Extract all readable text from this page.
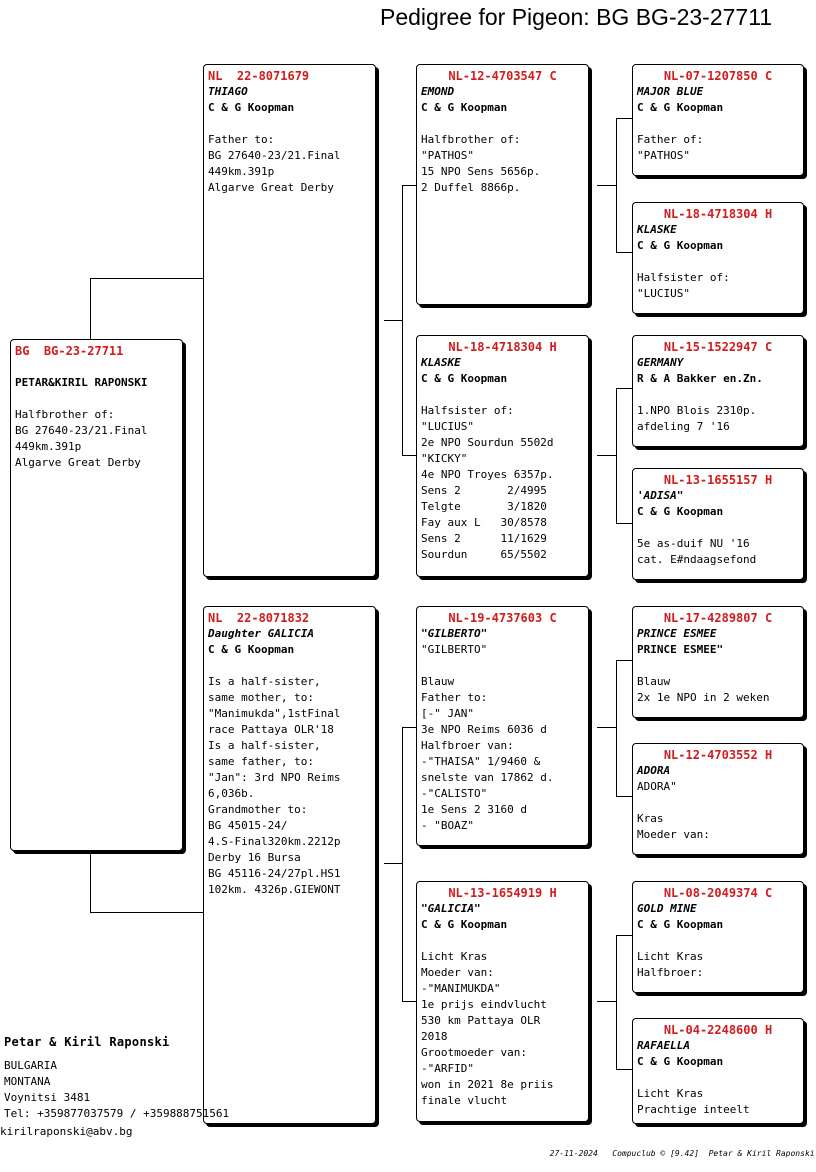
Pedigree for Pigeon: BG BG-23-27711
BG  BG-23-27711
PETAR&KIRIL RAPONSKI
Halfbrother of:
BG 27640-23/21.Final
449km.391p
Algarve Great Derby
NL  22-8071679
THIAGO
C & G Koopman
Father to:
BG 27640-23/21.Final
449km.391p
Algarve Great Derby
NL  22-8071832
Daughter GALICIA
C & G Koopman
Is a half-sister,
same mother, to:
"Manimukda",1stFinal
race Pattaya OLR'18
Is a half-sister,
same father, to:
"Jan": 3rd NPO Reims
6,036b.
Grandmother to:
BG 45015-24/
4.S-Final320km.2212p
Derby 16 Bursa
BG 45116-24/27pl.HS1
102km. 4326p.GIEWONT
NL-12-4703547 C
EMOND
C & G Koopman
Halfbrother of:
"PATHOS"
15 NPO Sens 5656p.
2 Duffel 8866p.
NL-18-4718304 H
KLASKE
C & G Koopman
Halfsister of:
"LUCIUS"
2e NPO Sourdun 5502d
"KICKY"
4e NPO Troyes 6357p.
Sens 2       2/4995
Telgte       3/1820
Fay aux L   30/8578
Sens 2      11/1629
Sourdun     65/5502
NL-19-4737603 C
"GILBERTO"
"GILBERTO"
Blauw
Father to:
[-" JAN"
3e NPO Reims 6036 d
Halfbroer van:
-"THAISA" 1/9460 &
snelste van 17862 d.
-"CALISTO"
1e Sens 2 3160 d
- "BOAZ"
NL-13-1654919 H
"GALICIA"
C & G Koopman
Licht Kras
Moeder van:
-"MANIMUKDA"
1e prijs eindvlucht
530 km Pattaya OLR
2018
Grootmoeder van:
-"ARFID"
won in 2021 8e priis
finale vlucht
NL-07-1207850 C
MAJOR BLUE
C & G Koopman
Father of:
"PATHOS"
NL-18-4718304 H
KLASKE
C & G Koopman
Halfsister of:
"LUCIUS"
NL-15-1522947 C
GERMANY
R & A Bakker en.Zn.
1.NPO Blois 2310p.
afdeling 7 '16
NL-13-1655157 H
'ADISA"
C & G Koopman
5e as-duif NU '16
cat. E#ndaagsefond
NL-17-4289807 C
PRINCE ESMEE
PRINCE ESMEE"
Blauw
2x 1e NPO in 2 weken
NL-12-4703552 H
ADORA
ADORA"
Kras
Moeder van:
NL-08-2049374 C
GOLD MINE
C & G Koopman
Licht Kras
Halfbroer:
NL-04-2248600 H
RAFAELLA
C & G Koopman
Licht Kras
Prachtige inteelt
Petar & Kiril Raponski
BULGARIA
MONTANA
Voynitsi 3481
Tel: +359877037579 / +359888751561
kirilraponski@abv.bg

27-11-2024 Compuclub © [9.42] Petar & Kiril Raponski
